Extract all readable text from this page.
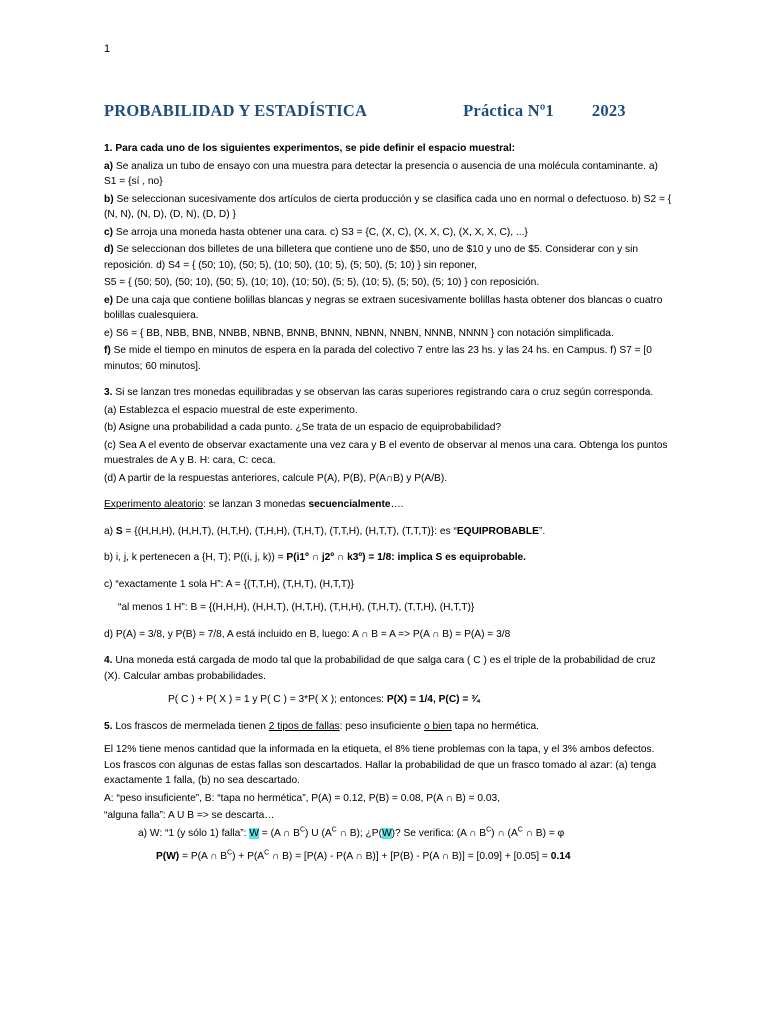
1
PROBABILIDAD Y ESTADÍSTICA	Práctica Nº1 2023

1. Para cada uno de los siguientes experimentos, se pide definir el espacio muestral:

a) Se analiza un tubo de ensayo con una muestra para detectar la presencia o ausencia de una molécula contaminante. a) S1 = {sí , no}

b) Se seleccionan sucesivamente dos artículos de cierta producción y se clasifica cada uno en normal o defectuoso. b) S2 = { (N, N), (N, D), (D, N), (D, D) }

c) Se arroja una moneda hasta obtener una cara. c) S3 = {C, (X, C), (X, X, C), (X, X, X, C), ...}

d) Se seleccionan dos billetes de una billetera que contiene uno de $50, uno de $10 y uno de $5. Considerar con y sin reposición. d) S4 = { (50; 10), (50; 5), (10; 50), (10; 5), (5; 50), (5; 10) } sin reponer,

S5 = { (50; 50), (50; 10), (50; 5), (10; 10), (10; 50), (5; 5), (10; 5), (5; 50), (5; 10) } con reposición.

e) De una caja que contiene bolillas blancas y negras se extraen sucesivamente bolillas hasta obtener dos blancas o cuatro bolillas cualesquiera.

e) S6 = { BB, NBB, BNB, NNBB, NBNB, BNNB, BNNN, NBNN, NNBN, NNNB, NNNN } con notación simplificada.

f) Se mide el tiempo en minutos de espera en la parada del colectivo 7 entre las 23 hs. y las 24 hs. en Campus. f) S7 = [0 minutos; 60 minutos].

3. Si se lanzan tres monedas equilibradas y se observan las caras superiores registrando cara o cruz según corresponda.

(a) Establezca el espacio muestral de este experimento.

(b) Asigne una probabilidad a cada punto. ¿Se trata de un espacio de equiprobabilidad?

(c) Sea A el evento de observar exactamente una vez cara y B el evento de observar al menos una cara. Obtenga los puntos muestrales de A y B. H: cara, C: ceca.

(d) A partir de la respuestas anteriores, calcule P(A), P(B), P(A∩B) y P(A/B).

Experimento aleatorio: se lanzan 3 monedas secuencialmente….

a) S = {(H,H,H), (H,H,T), (H,T,H), (T,H,H), (T,H,T), (T,T,H), (H,T,T), (T,T,T)}: es “EQUIPROBABLE”.

b) i, j, k pertenecen a {H, T}; P((i, j, k)) = P(i1º ∩ j2º ∩ k3º) = 1/8: implica S es equiprobable.

c) “exactamente 1 sola H”: A = {(T,T,H), (T,H,T), (H,T,T)}

“al menos 1 H”: B = {(H,H,H), (H,H,T), (H,T,H), (T,H,H), (T,H,T), (T,T,H), (H,T,T)}

d) P(A) = 3/8, y P(B) = 7/8, A está incluido en B, luego: A ∩ B = A => P(A ∩ B) = P(A) = 3/8

4. Una moneda está cargada de modo tal que la probabilidad de que salga cara ( C ) es el triple de la probabilidad de cruz (X). Calcular ambas probabilidades.

P( C ) + P( X ) = 1 y P( C ) = 3*P( X ); entonces: P(X) = 1/4, P(C) = ¾

5. Los frascos de mermelada tienen 2 tipos de fallas: peso insuficiente o bien tapa no hermética.

El 12% tiene menos cantidad que la informada en la etiqueta, el 8% tiene problemas con la tapa, y el 3% ambos defectos. Los frascos con algunas de estas fallas son descartados. Hallar la probabilidad de que un frasco tomado al azar: (a) tenga exactamente 1 falla, (b) no sea descartado.

A: “peso insuficiente”, B: “tapa no hermética”, P(A) = 0.12, P(B) = 0.08, P(A ∩ B) = 0.03,

“alguna falla”: A U B => se descarta…

a) W: “1 (y sólo 1) falla”: W = (A ∩ $B^C$) U ($A^C$ ∩ B); ¿P(W)? Se verifica: (A ∩ $B^C$) ∩ ($A^C$ ∩ B) = φ

P(W) = P(A ∩ $B^C) + P(A^C$ ∩ B) = [P(A) - P(A ∩ B)] + [P(B) - P(A ∩ B)] = [0.09] + [0.05] = 0.14
